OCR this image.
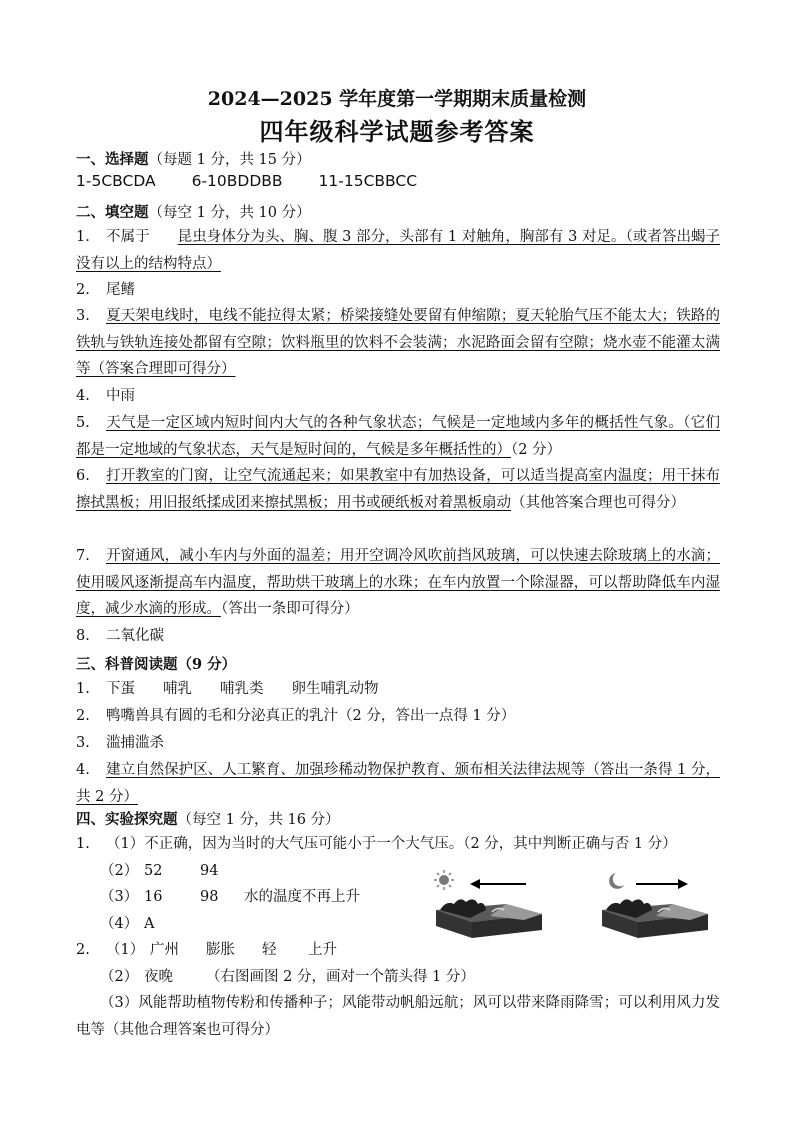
2024—2025 学年度第一学期期末质量检测
四年级科学试题参考答案
一、选择题（每题 1 分，共 15 分）
1-5CBCDA 6-10BDDBB 11-15CBBCC
二、填空题（每空 1 分，共 10 分）
1. 不属于 昆虫身体分为头、胸、腹 3 部分，头部有 1 对触角，胸部有 3 对足。（或者答出蝎子没有以上的结构特点）
2. 尾鳍
3. 夏天架电线时，电线不能拉得太紧；桥梁接缝处要留有伸缩隙；夏天轮胎气压不能太大；铁路的铁轨与铁轨连接处都留有空隙；饮料瓶里的饮料不会装满；水泥路面会留有空隙；烧水壶不能灌太满等（答案合理即可得分）
4. 中雨
5. 天气是一定区域内短时间内大气的各种气象状态；气候是一定地域内多年的概括性气象。（它们都是一定地域的气象状态，天气是短时间的，气候是多年概括性的）（2 分）
6. 打开教室的门窗，让空气流通起来；如果教室中有加热设备，可以适当提高室内温度；用干抹布擦拭黑板；用旧报纸揉成团来擦拭黑板；用书或硬纸板对着黑板扇动（其他答案合理也可得分）
7. 开窗通风，减小车内与外面的温差；用开空调冷风吹前挡风玻璃，可以快速去除玻璃上的水滴；使用暖风逐渐提高车内温度，帮助烘干玻璃上的水珠；在车内放置一个除湿器，可以帮助降低车内湿度，减少水滴的形成。（答出一条即可得分）
8. 二氧化碳
三、科普阅读题（9 分）
1. 下蛋 哺乳 哺乳类 卵生哺乳动物
2. 鸭嘴兽具有圆的毛和分泌真正的乳汁（2 分，答出一点得 1 分）
3. 滥捕滥杀
4. 建立自然保护区、人工繁育、加强珍稀动物保护教育、颁布相关法律法规等（答出一条得 1 分，共 2 分）
四、实验探究题（每空 1 分，共 16 分）
1. （1）不正确，因为当时的大气压可能小于一个大气压。（2 分，其中判断正确与否 1 分）
（2） 52	94
（3） 16	98 水的温度不再上升
（4） A
2. （1） 广州 膨胀 轻 上升
（2） 夜晚 （右图画图 2 分，画对一个箭头得 1 分）
（3）风能帮助植物传粉和传播种子；风能带动帆船远航；风可以带来降雨降雪；可以利用风力发电等（其他合理答案也可得分）
